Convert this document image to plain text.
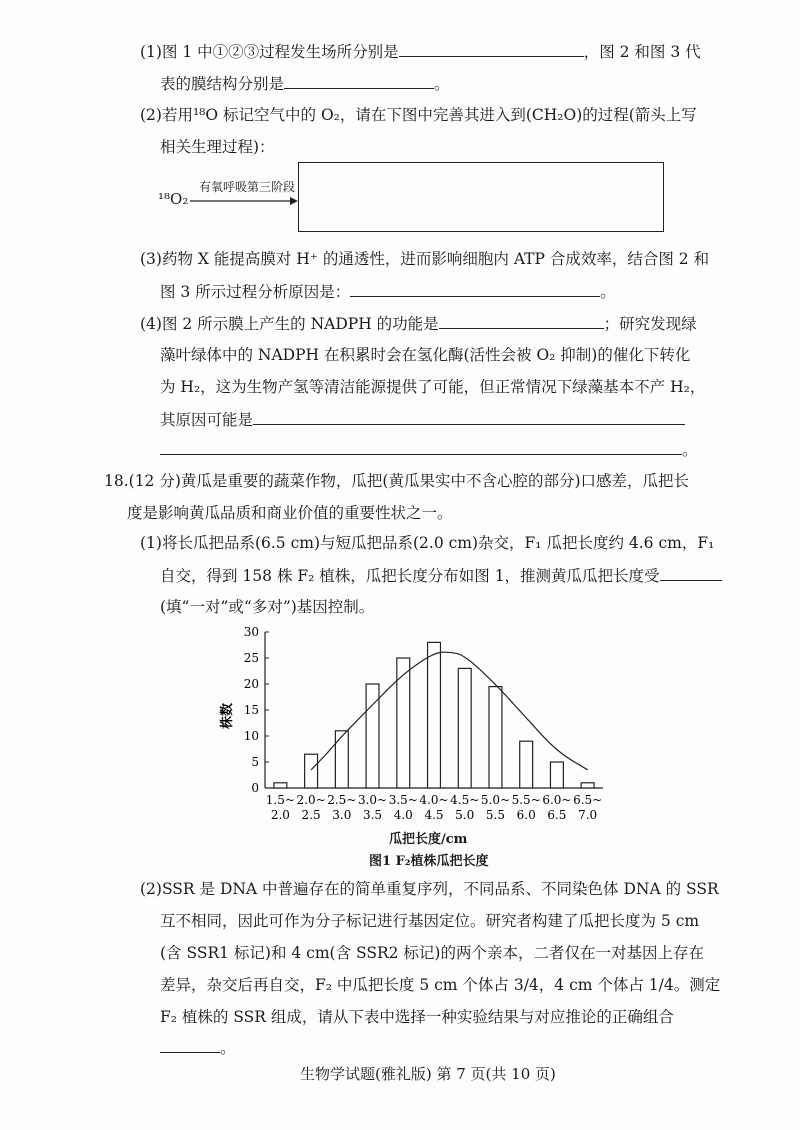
(1)图 1 中①②③过程发生场所分别是	，图 2 和图 3 代
表的膜结构分别是	。
(2)若用¹⁸O 标记空气中的 O₂，请在下图中完善其进入到(CH₂O)的过程(箭头上写
相关生理过程)：
¹⁸O₂
有氧呼吸第三阶段
(3)药物 X 能提高膜对 H⁺ 的通透性，进而影响细胞内 ATP 合成效率，结合图 2 和
图 3 所示过程分析原因是：	。
(4)图 2 所示膜上产生的 NADPH 的功能是	；研究发现绿
藻叶绿体中的 NADPH 在积累时会在氢化酶(活性会被 O₂ 抑制)的催化下转化
为 H₂，这为生物产氢等清洁能源提供了可能，但正常情况下绿藻基本不产 H₂，
其原因可能是
。
18.(12 分)黄瓜是重要的蔬菜作物，瓜把(黄瓜果实中不含心腔的部分)口感差，瓜把长
度是影响黄瓜品质和商业价值的重要性状之一。
(1)将长瓜把品系(6.5 cm)与短瓜把品系(2.0 cm)杂交，F₁ 瓜把长度约 4.6 cm，F₁
自交，得到 158 株 F₂ 植株，瓜把长度分布如图 1，推测黄瓜瓜把长度受
(填“一对”或“多对”)基因控制。
株数
0
5
10
15
20
25
30
1.5~
2.0
2.0~
2.5
2.5~
3.0
3.0~
3.5
3.5~
4.0
4.0~
4.5
4.5~
5.0
5.0~
5.5
5.5~
6.0
6.0~
6.5
6.5~
7.0
瓜把长度/cm
图1 F₂植株瓜把长度
(2)SSR 是 DNA 中普遍存在的简单重复序列，不同品系、不同染色体 DNA 的 SSR
互不相同，因此可作为分子标记进行基因定位。研究者构建了瓜把长度为 5 cm
(含 SSR1 标记)和 4 cm(含 SSR2 标记)的两个亲本，二者仅在一对基因上存在
差异，杂交后再自交，F₂ 中瓜把长度 5 cm 个体占 3/4，4 cm 个体占 1/4。测定
F₂ 植株的 SSR 组成，请从下表中选择一种实验结果与对应推论的正确组合
。
生物学试题(雅礼版) 第 7 页(共 10 页)
